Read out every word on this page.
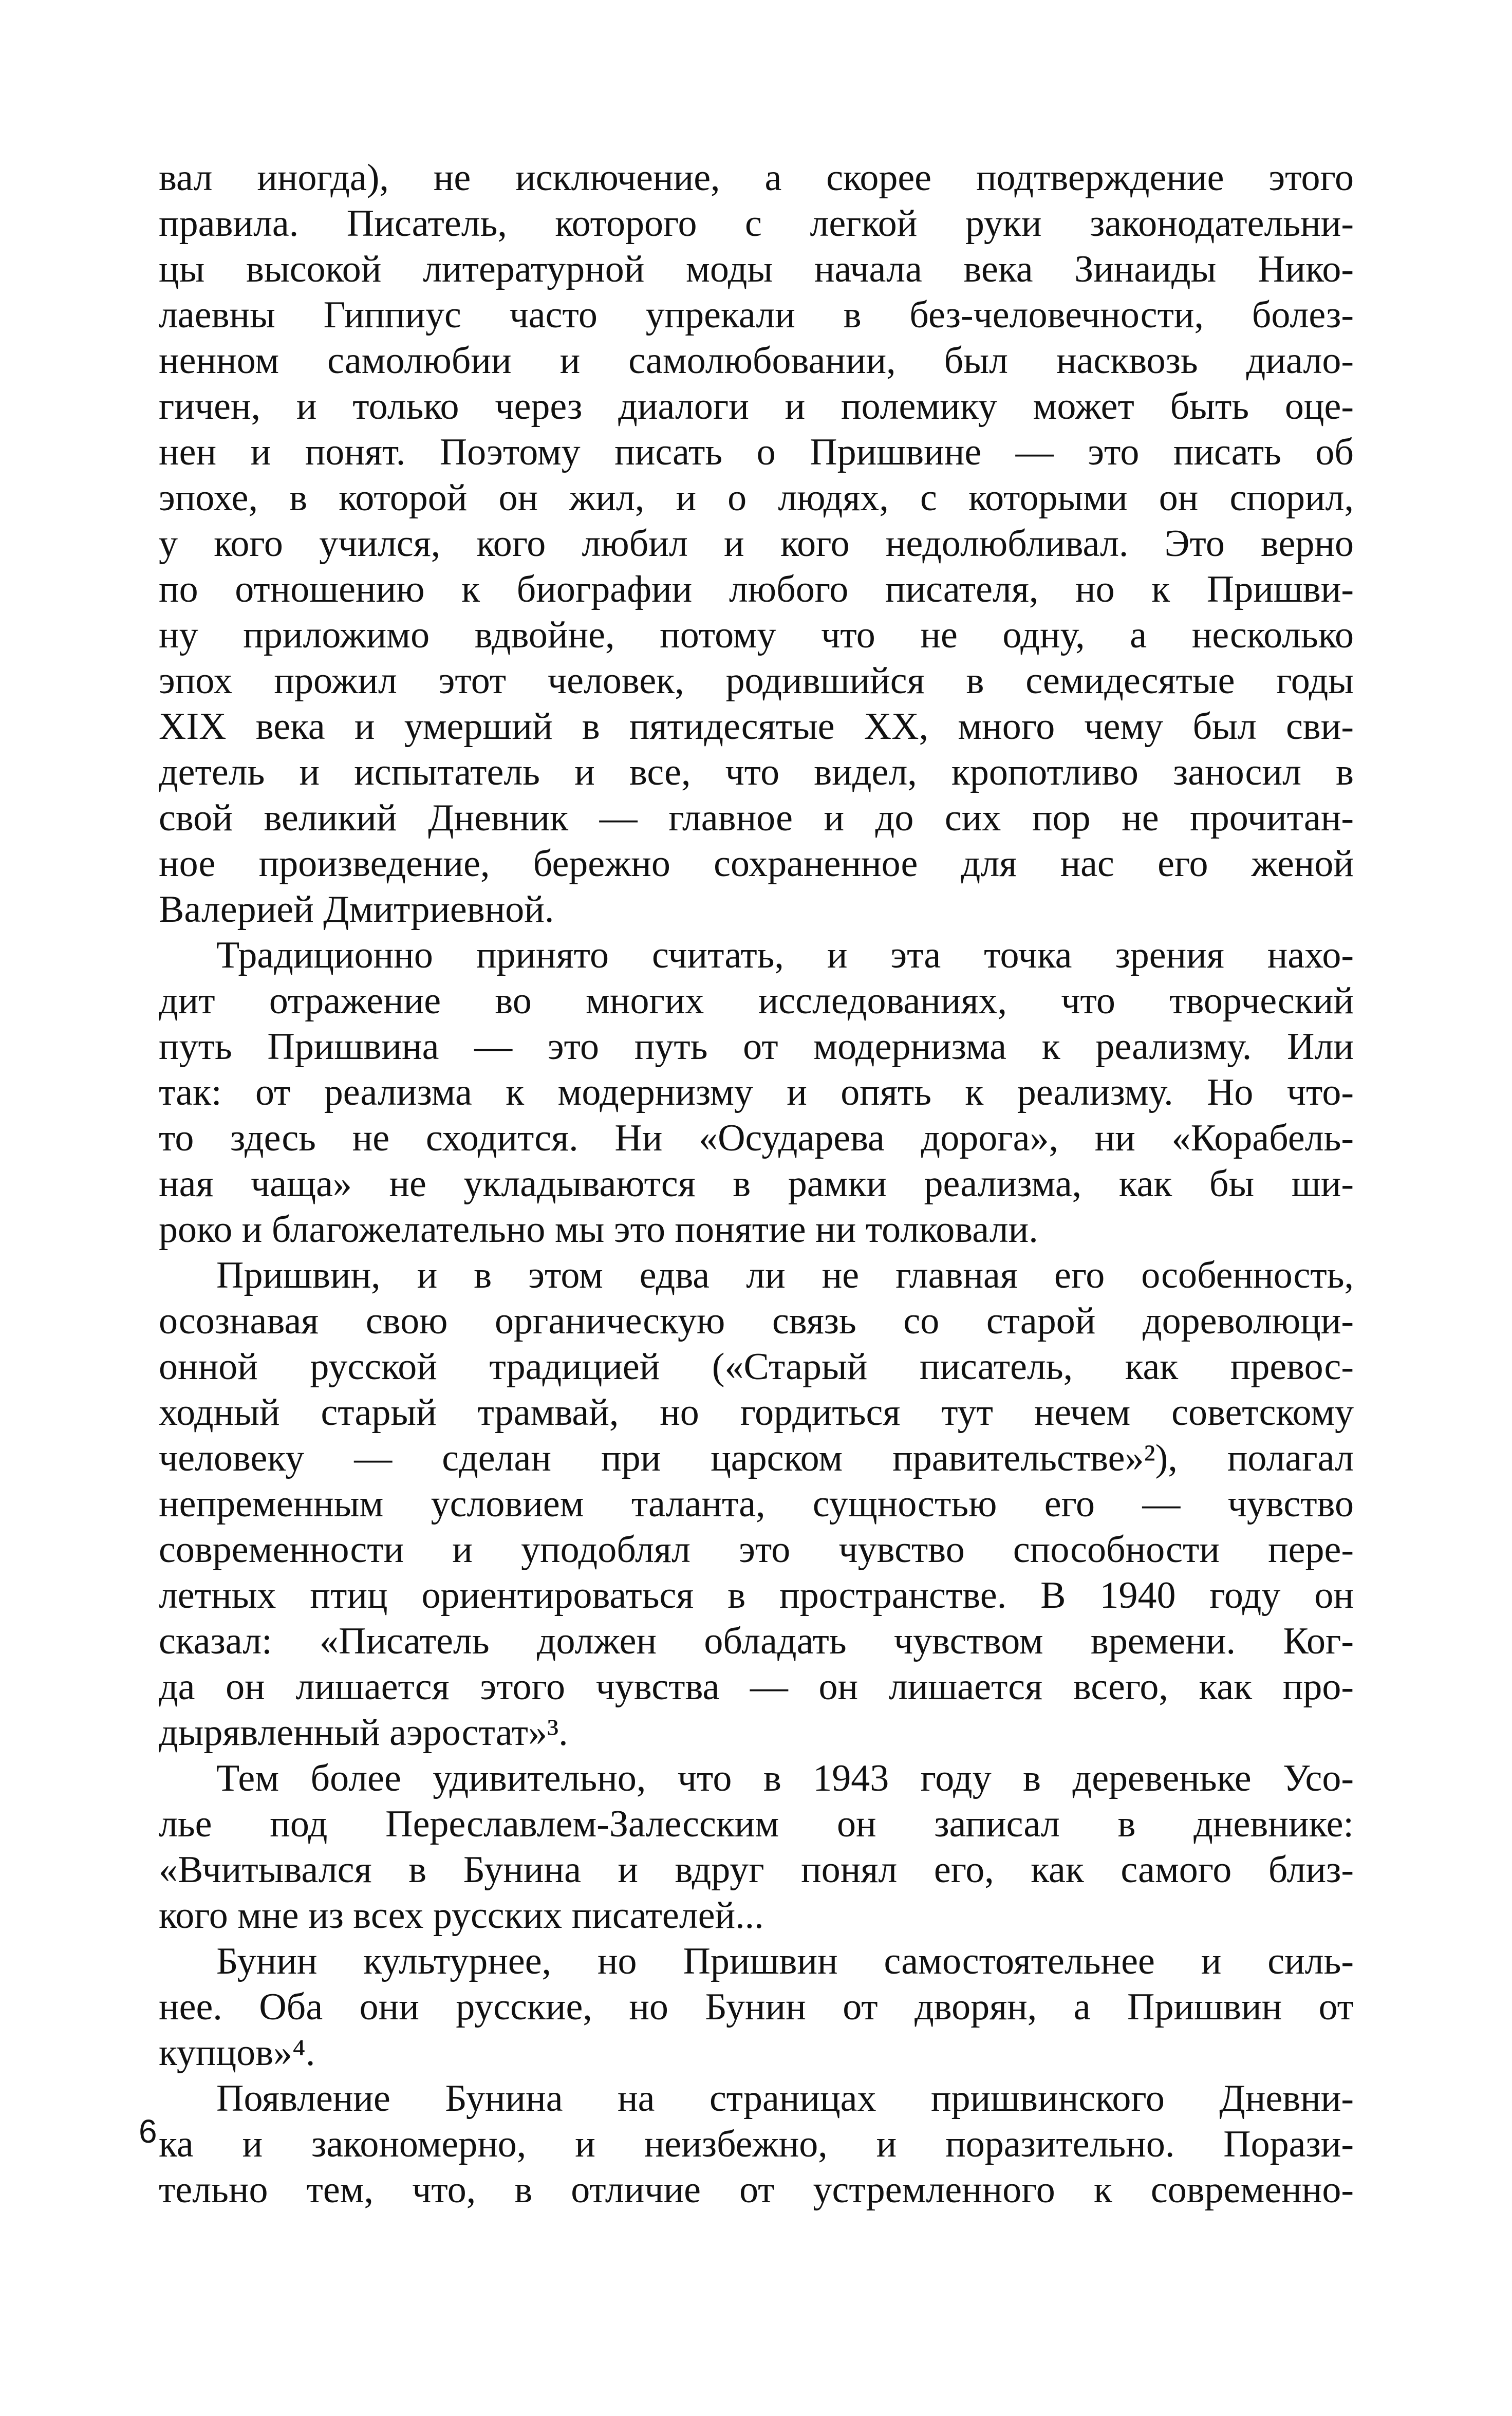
вал иногда), не исключение, а скорее подтверждение этого
правила. Писатель, которого с легкой руки законодательни-
цы высокой литературной моды начала века Зинаиды Нико-
лаевны Гиппиус часто упрекали в без-человечности, болез-
ненном самолюбии и самолюбовании, был насквозь диало-
гичен, и только через диалоги и полемику может быть оце-
нен и понят. Поэтому писать о Пришвине — это писать об
эпохе, в которой он жил, и о людях, с которыми он спорил,
у кого учился, кого любил и кого недолюбливал. Это верно
по отношению к биографии любого писателя, но к Пришви-
ну приложимо вдвойне, потому что не одну, а несколько
эпох прожил этот человек, родившийся в семидесятые годы
XIX века и умерший в пятидесятые XX, много чему был сви-
детель и испытатель и все, что видел, кропотливо заносил в
свой великий Дневник — главное и до сих пор не прочитан-
ное произведение, бережно сохраненное для нас его женой
Валерией Дмитриевной.
Традиционно принято считать, и эта точка зрения нахо-
дит отражение во многих исследованиях, что творческий
путь Пришвина — это путь от модернизма к реализму. Или
так: от реализма к модернизму и опять к реализму. Но что-
то здесь не сходится. Ни «Осударева дорога», ни «Корабель-
ная чаща» не укладываются в рамки реализма, как бы ши-
роко и благожелательно мы это понятие ни толковали.
Пришвин, и в этом едва ли не главная его особенность,
осознавая свою органическую связь со старой дореволюци-
онной русской традицией («Старый писатель, как превос-
ходный старый трамвай, но гордиться тут нечем советскому
человеку — сделан при царском правительстве»²), полагал
непременным условием таланта, сущностью его — чувство
современности и уподоблял это чувство способности пере-
летных птиц ориентироваться в пространстве. В 1940 году он
сказал: «Писатель должен обладать чувством времени. Ког-
да он лишается этого чувства — он лишается всего, как про-
дырявленный аэростат»³.
Тем более удивительно, что в 1943 году в деревеньке Усо-
лье под Переславлем-Залесским он записал в дневнике:
«Вчитывался в Бунина и вдруг понял его, как самого близ-
кого мне из всех русских писателей...
Бунин культурнее, но Пришвин самостоятельнее и силь-
нее. Оба они русские, но Бунин от дворян, а Пришвин от
купцов»⁴.
Появление Бунина на страницах пришвинского Дневни-
ка и закономерно, и неизбежно, и поразительно. Порази-
тельно тем, что, в отличие от устремленного к современно-
6
